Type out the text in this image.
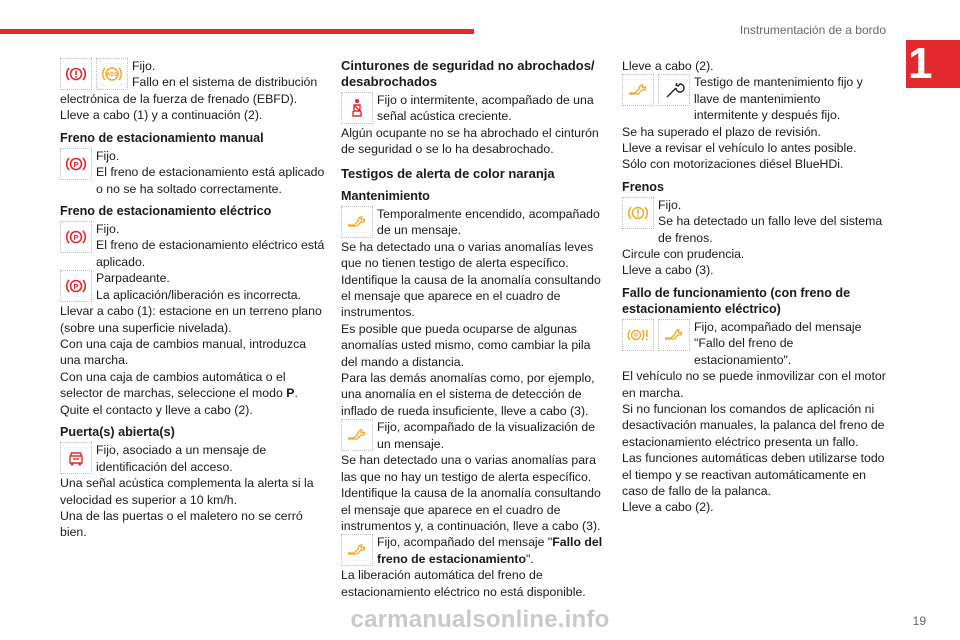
Instrumentación de a bordo
1
ABS

Fijo.

Fallo en el sistema de distribución

electrónica de la fuerza de frenado (EBFD).

Lleve a cabo (1) y a continuación (2).

Freno de estacionamiento manual
P

Fijo.

El freno de estacionamiento está aplicado o no se ha soltado correctamente.

Freno de estacionamiento eléctrico
P

Fijo.

El freno de estacionamiento eléctrico está aplicado.

P

Parpadeante.

La aplicación/liberación es incorrecta.

Llevar a cabo (1): estacione en un terreno plano (sobre una superficie nivelada).

Con una caja de cambios manual, introduzca una marcha.

Con una caja de cambios automática o el selector de marchas, seleccione el modo P.

Quite el contacto y lleve a cabo (2).

Puerta(s) abierta(s)

Fijo, asociado a un mensaje de identificación del acceso.

Una señal acústica complementa la alerta si la velocidad es superior a 10 km/h.

Una de las puertas o el maletero no se cerró bien.

Cinturones de seguridad no abrochados/ desabrochados

Fijo o intermitente, acompañado de una señal acústica creciente.

Algún ocupante no se ha abrochado el cinturón de seguridad o se lo ha desabrochado.

Testigos de alerta de color naranja
Mantenimiento

Temporalmente encendido, acompañado de un mensaje.

Se ha detectado una o varias anomalías leves que no tienen testigo de alerta específico.

Identifique la causa de la anomalía consultando el mensaje que aparece en el cuadro de instrumentos.

Es posible que pueda ocuparse de algunas anomalías usted mismo, como cambiar la pila del mando a distancia.

Para las demás anomalías como, por ejemplo, una anomalía en el sistema de detección de inflado de rueda insuficiente, lleve a cabo (3).

Fijo, acompañado de la visualización de un mensaje.

Se han detectado una o varias anomalías para las que no hay un testigo de alerta específico.

Identifique la causa de la anomalía consultando el mensaje que aparece en el cuadro de instrumentos y, a continuación, lleve a cabo (3).

Fijo, acompañado del mensaje "Fallo del freno de estacionamiento".

La liberación automática del freno de estacionamiento eléctrico no está disponible.

Lleve a cabo (2).

Testigo de mantenimiento fijo y llave de mantenimiento intermitente y después fijo.

Se ha superado el plazo de revisión.

Lleve a revisar el vehículo lo antes posible.

Sólo con motorizaciones diésel BlueHDi.

Frenos

Fijo.

Se ha detectado un fallo leve del sistema de frenos.

Circule con prudencia.

Lleve a cabo (3).

Fallo de funcionamiento (con freno de estacionamiento eléctrico)
P

Fijo, acompañado del mensaje "Fallo del freno de estacionamiento".

El vehículo no se puede inmovilizar con el motor en marcha.

Si no funcionan los comandos de aplicación ni desactivación manuales, la palanca del freno de estacionamiento eléctrico presenta un fallo.

Las funciones automáticas deben utilizarse todo el tiempo y se reactivan automáticamente en caso de fallo de la palanca.

Lleve a cabo (2).

carmanualsonline.info	19
